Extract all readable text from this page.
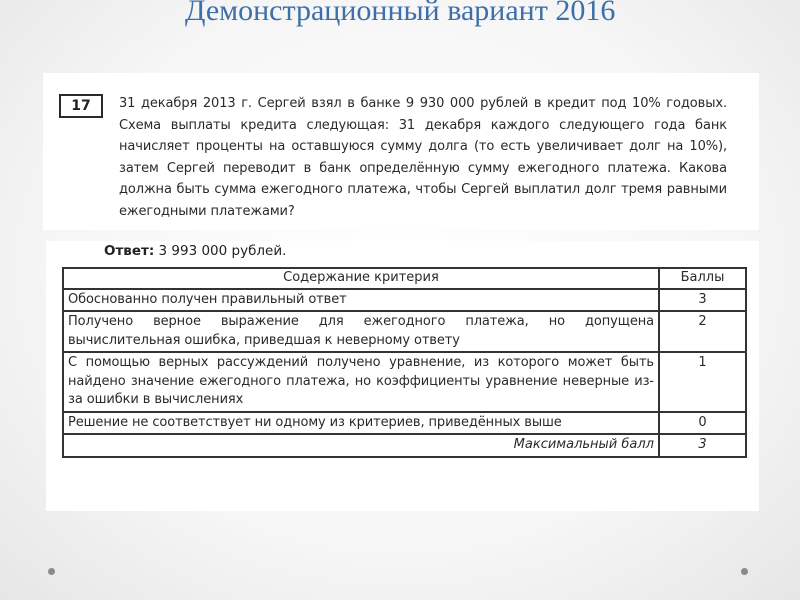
Демонстрационный вариант 2016
17	31 декабря 2013 г. Сергей взял в банке 9 930 000 рублей в кредит под 10% годовых. Схема выплаты кредита следующая: 31 декабря каждого следующего года банк начисляет проценты на оставшуюся сумму долга (то есть увеличивает долг на 10%), затем Сергей переводит в банк определённую сумму ежегодного платежа. Какова должна быть сумма ежегодного платежа, чтобы Сергей выплатил долг тремя равными ежегодными платежами?
Ответ: 3 993 000 рублей.
Содержание критерия	Баллы
Обоснованно получен правильный ответ	3
Получено верное выражение для ежегодного платежа, но допущена вычислительная ошибка, приведшая к неверному ответу	2
С помощью верных рассуждений получено уравнение, из которого может быть найдено значение ежегодного платежа, но коэффициенты уравнение неверные из-за ошибки в вычислениях	1
Решение не соответствует ни одному из критериев, приведённых выше	0
Максимальный балл	3
